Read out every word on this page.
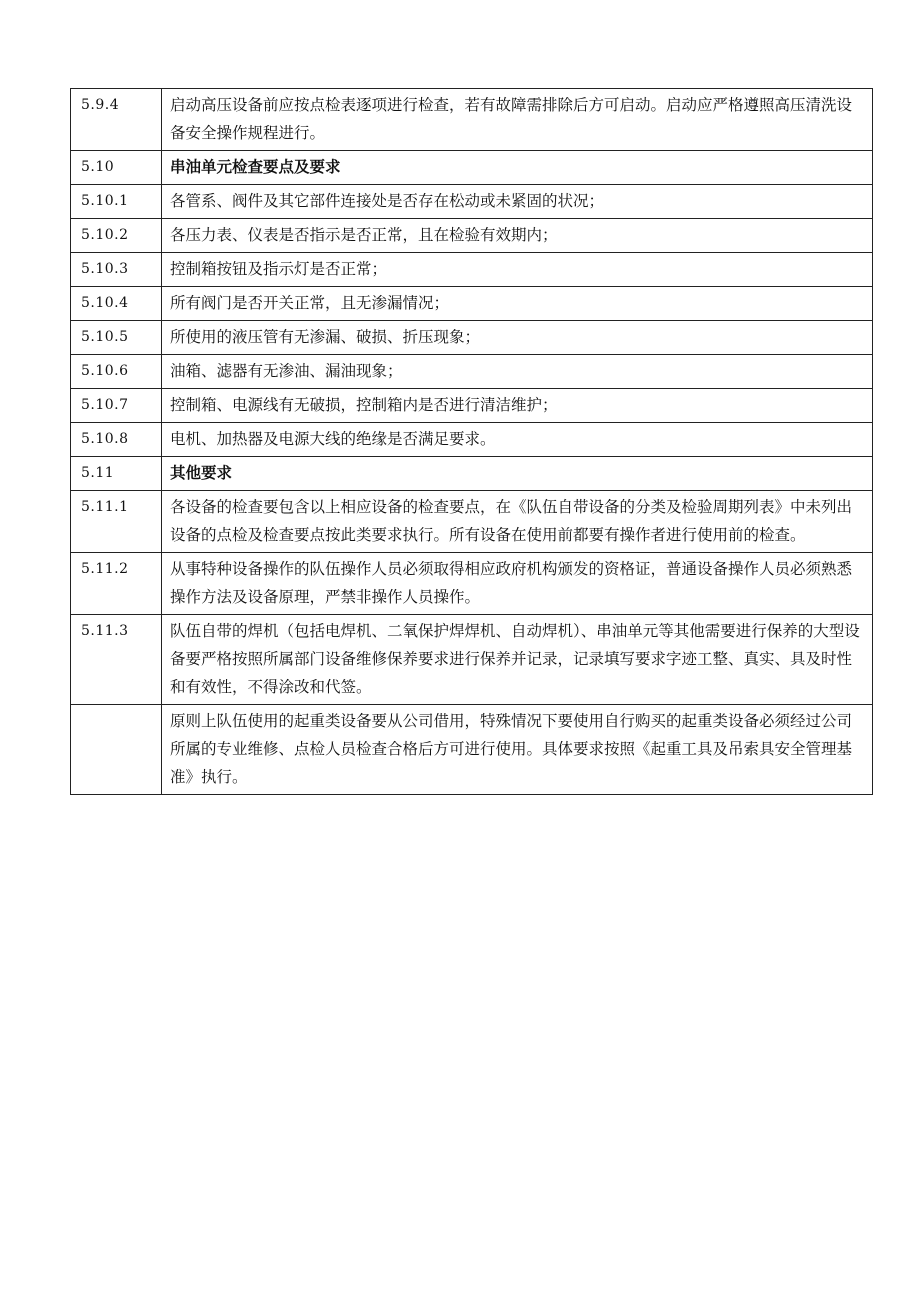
5.9.4	启动高压设备前应按点检表逐项进行检查，若有故障需排除后方可启动。启动应严格遵照高压清洗设备安全操作规程进行。
5.10	串油单元检查要点及要求
5.10.1	各管系、阀件及其它部件连接处是否存在松动或未紧固的状况；
5.10.2	各压力表、仪表是否指示是否正常，且在检验有效期内；
5.10.3	控制箱按钮及指示灯是否正常；
5.10.4	所有阀门是否开关正常，且无渗漏情况；
5.10.5	所使用的液压管有无渗漏、破损、折压现象；
5.10.6	油箱、滤器有无渗油、漏油现象；
5.10.7	控制箱、电源线有无破损，控制箱内是否进行清洁维护；
5.10.8	电机、加热器及电源大线的绝缘是否满足要求。
5.11	其他要求
5.11.1	各设备的检查要包含以上相应设备的检查要点，在《队伍自带设备的分类及检验周期列表》中未列出设备的点检及检查要点按此类要求执行。所有设备在使用前都要有操作者进行使用前的检查。
5.11.2	从事特种设备操作的队伍操作人员必须取得相应政府机构颁发的资格证，普通设备操作人员必须熟悉操作方法及设备原理，严禁非操作人员操作。
5.11.3	队伍自带的焊机（包括电焊机、二氧保护焊焊机、自动焊机）、串油单元等其他需要进行保养的大型设备要严格按照所属部门设备维修保养要求进行保养并记录，记录填写要求字迹工整、真实、具及时性和有效性，不得涂改和代签。
	原则上队伍使用的起重类设备要从公司借用，特殊情况下要使用自行购买的起重类设备必须经过公司所属的专业维修、点检人员检查合格后方可进行使用。具体要求按照《起重工具及吊索具安全管理基准》执行。
